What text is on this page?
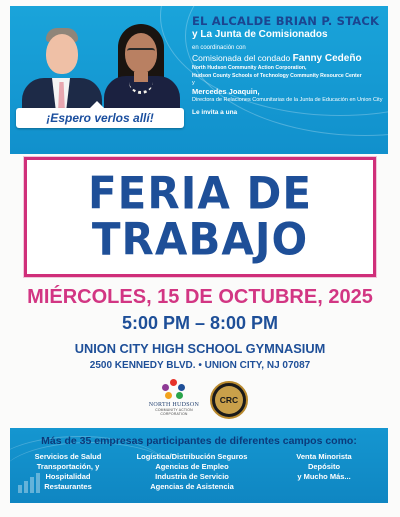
¡Espero verlos allí!
EL ALCALDE BRIAN P. STACK
y La Junta de Comisionados
en coordinación con
Comisionada del condado Fanny Cedeño
North Hudson Community Action Corporation,
Hudson County Schools of Technology Community Resource Center
y
Mercedes Joaquin,
Directora de Relaciones Comunitarias de la Junta de Educación en Union City
Le invita a una
FERIA DE
TRABAJO
MIÉRCOLES, 15 DE OCTUBRE, 2025
5:00 PM – 8:00 PM
UNION CITY HIGH SCHOOL GYMNASIUM
2500 KENNEDY BLVD. • UNION CITY, NJ 07087
NORTH HUDSON
COMMUNITY ACTION CORPORATION
CRC
Más de 35 empresas participantes de diferentes campos como:
Servicios de Salud
Transportación, y
Hospitalidad
Restaurantes
Logística/Distribución Seguros
Agencias de Empleo
Industria de Servicio
Agencias de Asistencia
Venta Minorista
Depósito
y Mucho Más...
